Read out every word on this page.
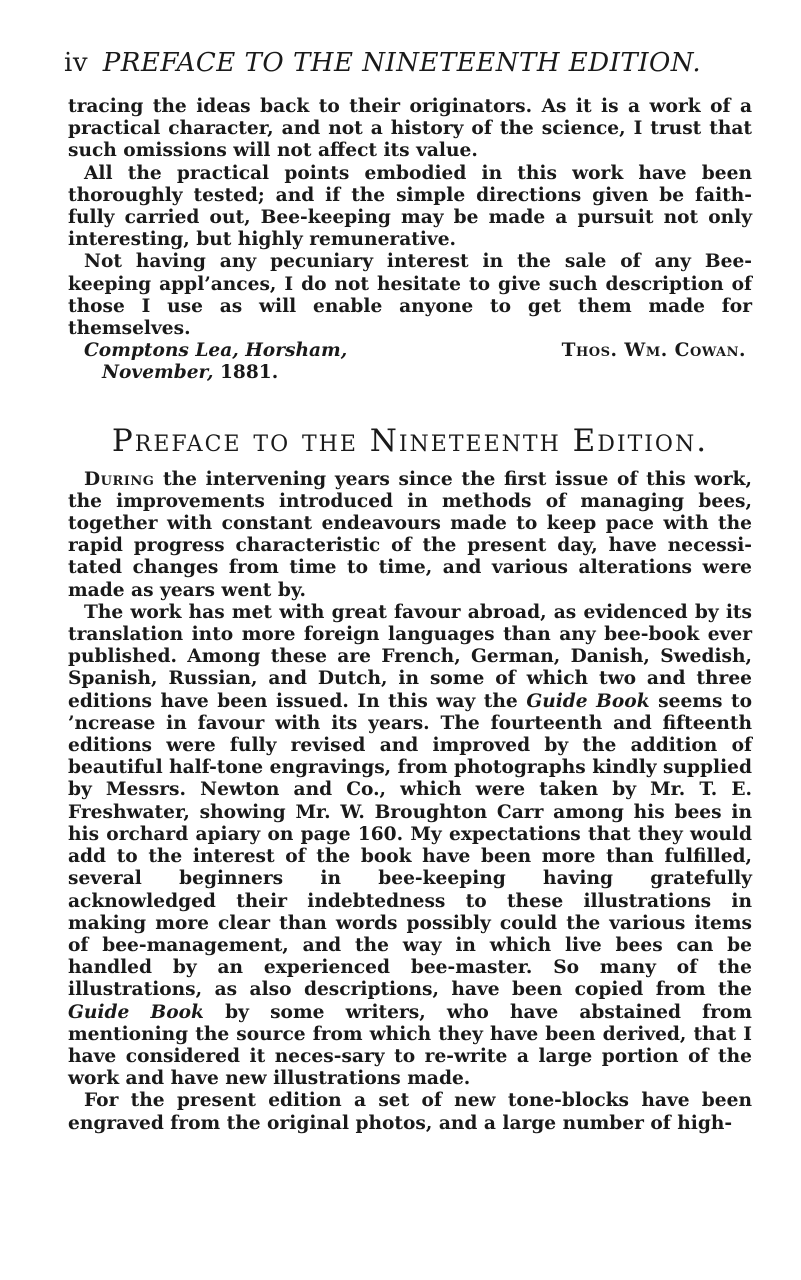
iv PREFACE TO THE NINETEENTH EDITION.

tracing the ideas back to their originators. As it is a work of a practical character, and not a history of the science, I trust that such omissions will not affect its value.

All the practical points embodied in this work have been thoroughly tested; and if the simple directions given be faith-fully carried out, Bee-keeping may be made a pursuit not only interesting, but highly remunerative.

Not having any pecuniary interest in the sale of any Bee-keeping appl’ances, I do not hesitate to give such description of those I use as will enable anyone to get them made for themselves.

Comptons Lea, Horsham,	Thos. Wm. Cowan.
November, 1881.
Preface to the Nineteenth Edition.

During the intervening years since the first issue of this work, the improvements introduced in methods of managing bees, together with constant endeavours made to keep pace with the rapid progress characteristic of the present day, have necessi-tated changes from time to time, and various alterations were made as years went by.

The work has met with great favour abroad, as evidenced by its translation into more foreign languages than any bee-book ever published. Among these are French, German, Danish, Swedish, Spanish, Russian, and Dutch, in some of which two and three editions have been issued. In this way the Guide Book seems to ’ncrease in favour with its years. The fourteenth and fifteenth editions were fully revised and improved by the addition of beautiful half-tone engravings, from photographs kindly supplied by Messrs. Newton and Co., which were taken by Mr. T. E. Freshwater, showing Mr. W. Broughton Carr among his bees in his orchard apiary on page 160. My expectations that they would add to the interest of the book have been more than fulfilled, several beginners in bee-keeping having gratefully acknowledged their indebtedness to these illustrations in making more clear than words possibly could the various items of bee-management, and the way in which live bees can be handled by an experienced bee-master. So many of the illustrations, as also descriptions, have been copied from the Guide Book by some writers, who have abstained from mentioning the source from which they have been derived, that I have considered it neces-sary to re-write a large portion of the work and have new illustrations made.

For the present edition a set of new tone-blocks have been engraved from the original photos, and a large number of high-
